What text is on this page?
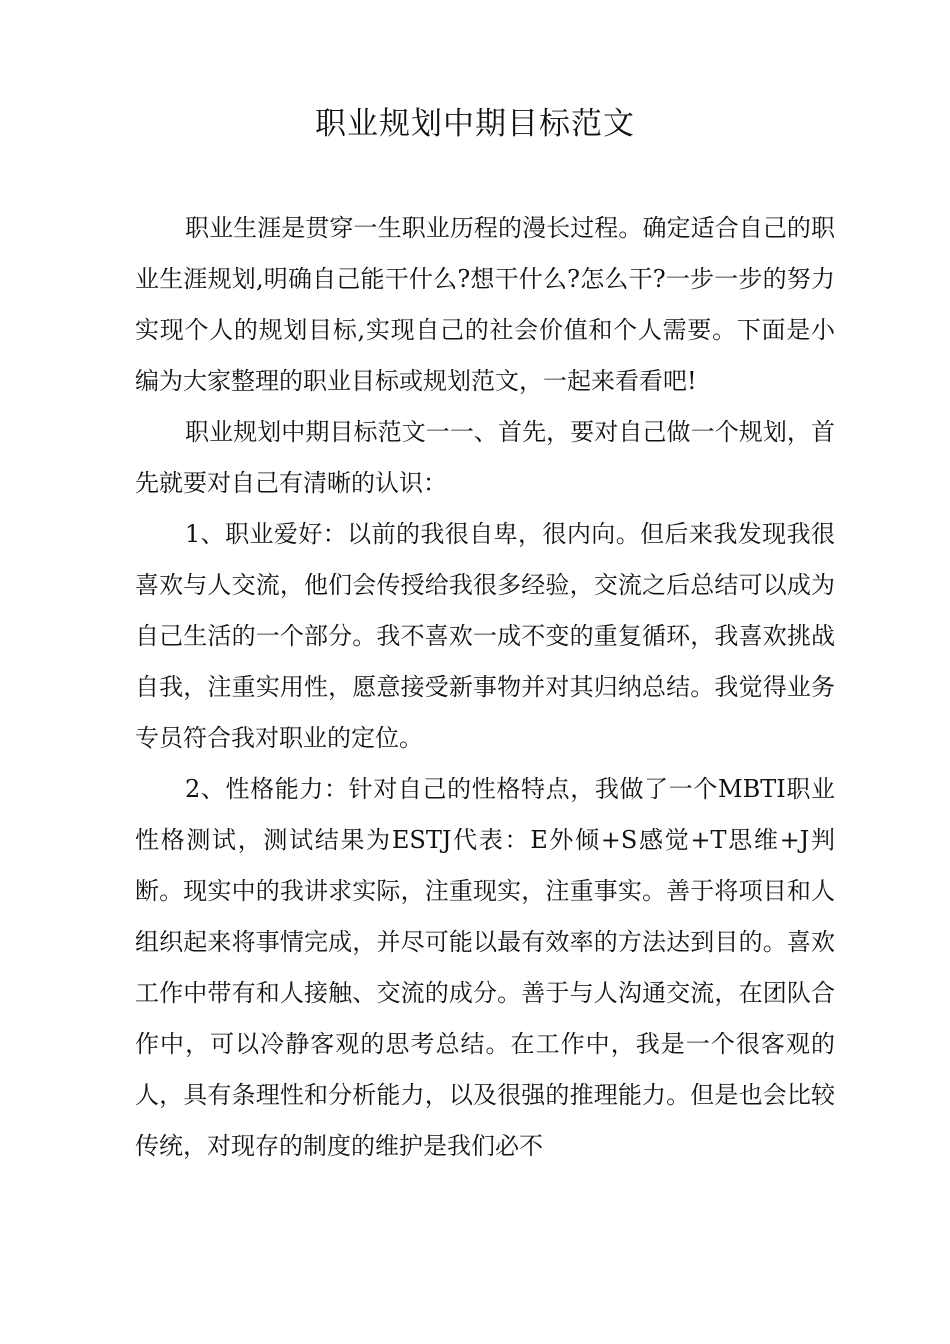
职业规划中期目标范文

职业生涯是贯穿一生职业历程的漫长过程。确定适合自己的职业生涯规划,明确自己能干什么?想干什么?怎么干?一步一步的努力实现个人的规划目标,实现自己的社会价值和个人需要。下面是小编为大家整理的职业目标或规划范文，一起来看看吧!

职业规划中期目标范文一一、首先，要对自己做一个规划，首先就要对自己有清晰的认识：

1、职业爱好：以前的我很自卑，很内向。但后来我发现我很喜欢与人交流，他们会传授给我很多经验，交流之后总结可以成为自己生活的一个部分。我不喜欢一成不变的重复循环，我喜欢挑战自我，注重实用性，愿意接受新事物并对其归纳总结。我觉得业务专员符合我对职业的定位。

2、性格能力：针对自己的性格特点，我做了一个MBTI职业性格测试，测试结果为ESTJ代表：E外倾+S感觉+T思维+J判断。现实中的我讲求实际，注重现实，注重事实。善于将项目和人组织起来将事情完成，并尽可能以最有效率的方法达到目的。喜欢工作中带有和人接触、交流的成分。善于与人沟通交流，在团队合作中，可以冷静客观的思考总结。在工作中，我是一个很客观的人，具有条理性和分析能力，以及很强的推理能力。但是也会比较传统，对现存的制度的维护是我们必不
